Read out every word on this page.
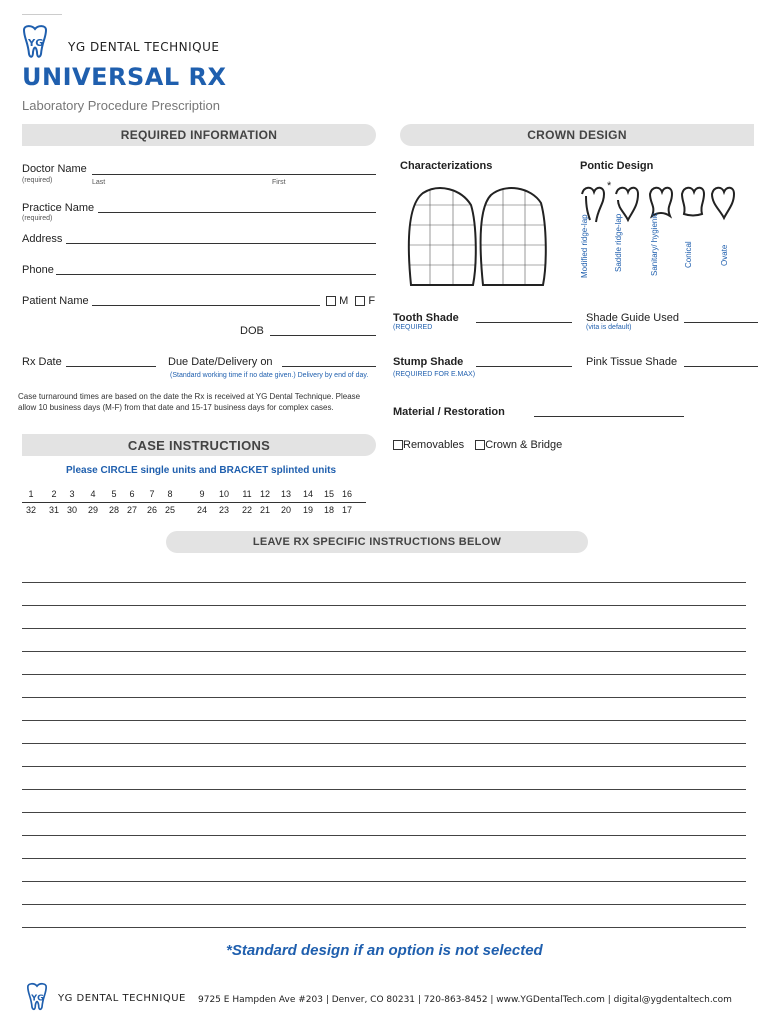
YG YG DENTAL TECHNIQUE
UNIVERSAL RX
Laboratory Procedure Prescription
REQUIRED INFORMATION
Doctor Name
(required)	Last	First
Practice Name
(required)
Address
Phone
Patient Name	M F
DOB
Rx Date	Due Date/Delivery on
(Standard working time if no date given.) Delivery by end of day.
Case turnaround times are based on the date the Rx is received at YG Dental Technique. Please allow 10 business days (M-F) from that date and 15-17 business days for complex cases.
CROWN DESIGN
Characterizations	Pontic Design
*
Modified ridge-lap	Saddle ridge-lap	Sanitary/ hygienic	Conical	Ovate
Tooth Shade
(REQUIRED
Shade Guide Used
(vita is default)
Stump Shade
(REQUIRED FOR E.MAX)
Pink Tissue Shade
Material / Restoration
Removables Crown & Bridge
CASE INSTRUCTIONS
Please CIRCLE single units and BRACKET splinted units
1	2	3	4	5	6	7	8	9	10	11 12	13	14	15 16
32	31 30	29	28 27	26 25	24	23	22 21	20	19	18 17
LEAVE RX SPECIFIC INSTRUCTIONS BELOW
*Standard design if an option is not selected
YG YG DENTAL TECHNIQUE 9725 E Hampden Ave #203 | Denver, CO 80231 | 720-863-8452 | www.YGDentalTech.com | digital@ygdentaltech.com
